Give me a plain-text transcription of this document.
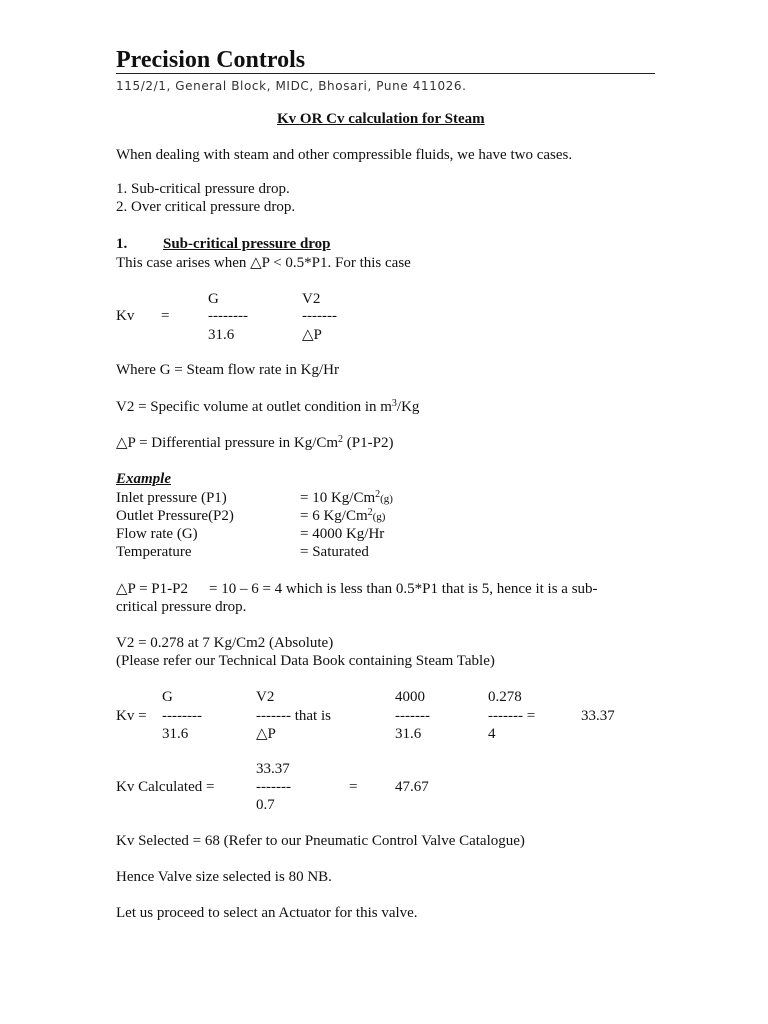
Precision Controls
115/2/1, General Block, MIDC, Bhosari, Pune 411026.
Kv OR Cv calculation for Steam
When dealing with steam and other compressible fluids, we have two cases.
1. Sub-critical pressure drop.
2. Over critical pressure drop.
1. Sub-critical pressure drop
This case arises when △P < 0.5*P1. For this case
G	V2
Kv =	--------	-------
31.6	△P
Where G = Steam flow rate in Kg/Hr
V2 = Specific volume at outlet condition in $m^3/Kg$
△P = Differential pressure in Kg/Cm$^2$ (P1-P2)
Example
Inlet pressure (P1)	= 10 Kg/Cm$^2$(g)
Outlet Pressure(P2)	= 6 Kg/Cm$^2$(g)
Flow rate (G)	= 4000 Kg/Hr
Temperature	= Saturated
△P = P1-P2 = 10 – 6 = 4 which is less than 0.5*P1 that is 5, hence it is a sub-
critical pressure drop.
V2 = 0.278 at 7 Kg/Cm2 (Absolute)
(Please refer our Technical Data Book containing Steam Table)
G	V2	4000	0.278
Kv = --------	------- that is	-------	------- =	33.37
31.6	△P	31.6	4
33.37
Kv Calculated =	-------	=	47.67
0.7
Kv Selected = 68 (Refer to our Pneumatic Control Valve Catalogue)
Hence Valve size selected is 80 NB.
Let us proceed to select an Actuator for this valve.
